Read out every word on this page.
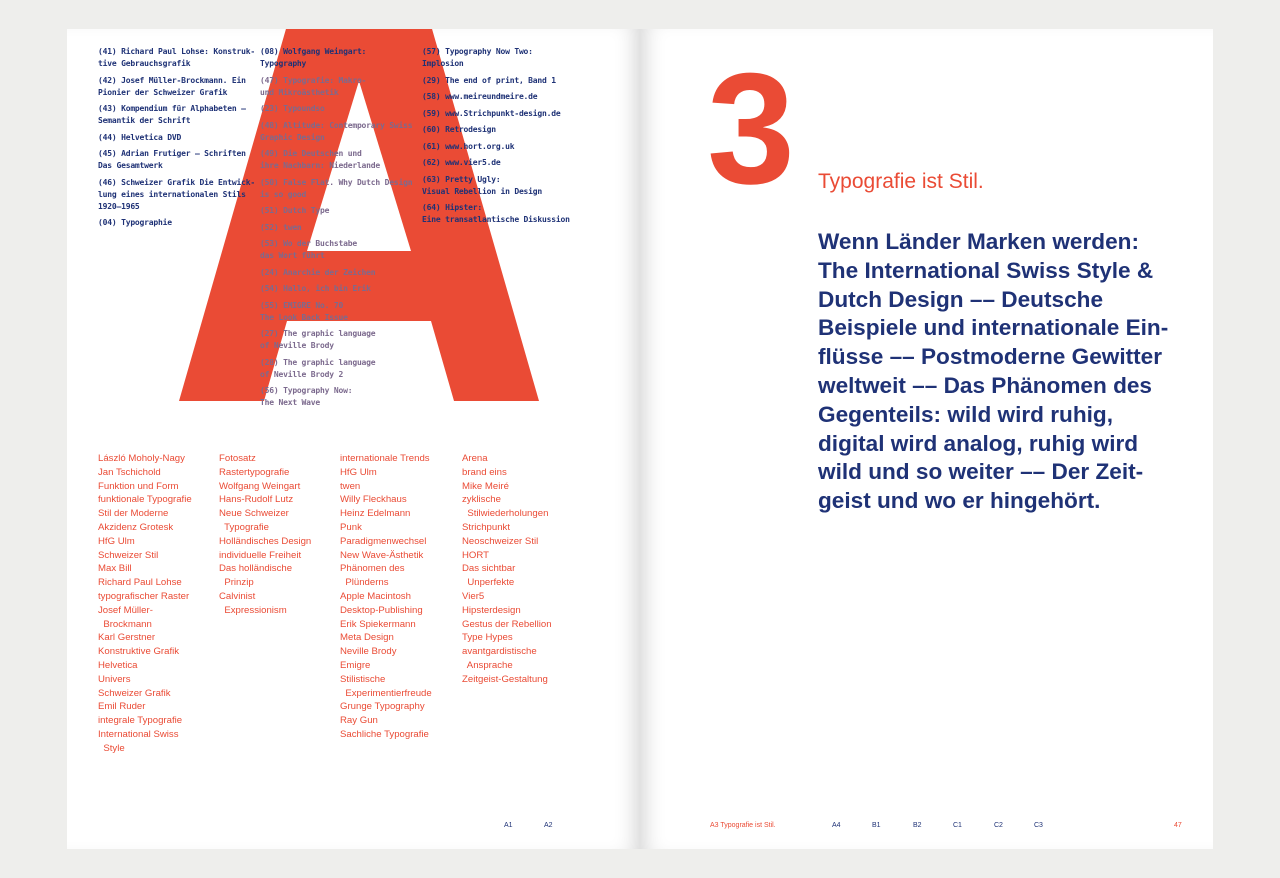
(41) Richard Paul Lohse: Konstruk-
tive Gebrauchsgrafik
(42) Josef Müller-Brockmann. Ein
Pionier der Schweizer Grafik
(43) Kompendium für Alphabeten –
Semantik der Schrift
(44) Helvetica DVD
(45) Adrian Frutiger – Schriften
Das Gesamtwerk
(46) Schweizer Grafik Die Entwick-
lung eines internationalen Stils
1920–1965
(04) Typographie
(08) Wolfgang Weingart:
Typography
(47) Typografie: Makro-
und Mikroästhetik
(23) Typoundso
(48) Altitude: Contemporary Swiss
Graphic Design
(49) Die Deutschen und
ihre Nachbarn: Niederlande
(50) False Flat. Why Dutch Design
is so good
(51) Dutch Type
(52) twen
(53) Wo der Buchstabe
das Wort führt
(24) Anarchie der Zeichen
(54) Hallo, ich bin Erik
(55) EMIGRE No. 70
The Look Back Issue
(27) The graphic language
of Neville Brody
(28) The graphic language
of Neville Brody 2
(56) Typography Now:
The Next Wave
(57) Typography Now Two:
Implosion
(29) The end of print, Band 1
(58) www.meireundmeire.de
(59) www.Strichpunkt-design.de
(60) Retrodesign
(61) www.hort.org.uk
(62) www.vier5.de
(63) Pretty Ugly:
Visual Rebellion in Design
(64) Hipster:
Eine transatlantische Diskussion
László Moholy-Nagy
Jan Tschichold
Funktion und Form
funktionale Typografie
Stil der Moderne
Akzidenz Grotesk
HfG Ulm
Schweizer Stil
Max Bill
Richard Paul Lohse
typografischer Raster
Josef Müller-
Brockmann
Karl Gerstner
Konstruktive Grafik
Helvetica
Univers
Schweizer Grafik
Emil Ruder
integrale Typografie
International Swiss
Style
Fotosatz
Rastertypografie
Wolfgang Weingart
Hans-Rudolf Lutz
Neue Schweizer
Typografie
Holländisches Design
individuelle Freiheit
Das holländische
Prinzip
Calvinist
Expressionism
internationale Trends
HfG Ulm
twen
Willy Fleckhaus
Heinz Edelmann
Punk
Paradigmenwechsel
New Wave-Ästhetik
Phänomen des
Plünderns
Apple Macintosh
Desktop-Publishing
Erik Spiekermann
Meta Design
Neville Brody
Emigre
Stilistische
Experimentierfreude
Grunge Typography
Ray Gun
Sachliche Typografie
Arena
brand eins
Mike Meiré
zyklische
Stilwiederholungen
Strichpunkt
Neoschweizer Stil
HORT
Das sichtbar
Unperfekte
Vier5
Hipsterdesign
Gestus der Rebellion
Type Hypes
avantgardistische
Ansprache
Zeitgeist-Gestaltung
A1	A2
3 Typografie ist Stil.
Wenn Länder Marken werden:
The International Swiss Style &
Dutch Design –– Deutsche
Beispiele und internationale Ein-
flüsse –– Postmoderne Gewitter
weltweit –– Das Phänomen des
Gegenteils: wild wird ruhig,
digital wird analog, ruhig wird
wild und so weiter –– Der Zeit-
geist und wo er hingehört.
A3 Typografie ist Stil.	A4	B1	B2	C1	C2	C3	47
